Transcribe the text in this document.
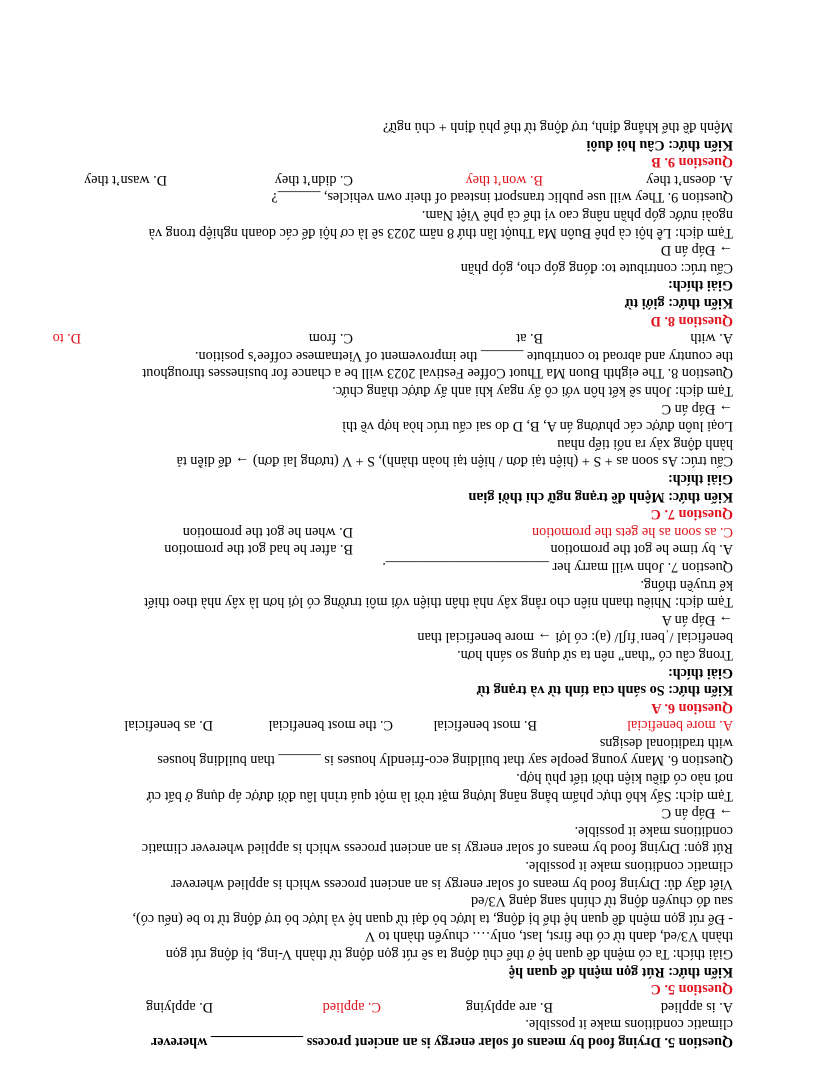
Question 5. Drying food by means of solar energy is an ancient process _____________ wherever
climatic conditions make it possible.
A. is applied
B. are applying
C. applied
D. applying
Question 5. C
Kiến thức: Rút gọn mệnh đề quan hệ
Giải thích: Ta có mệnh đề quan hệ ở thể chủ động ta sẽ rút gọn động từ thành V-ing, bị động rút gọn
thành V3/ed, danh từ có the first, last, only…. chuyển thành to V
- Để rút gọn mệnh đề quan hệ thể bị động, ta lược bỏ đại từ quan hệ và lược bỏ trợ động từ to be (nếu có),
sau đó chuyển động từ chính sang dạng V3/ed
Viết đầy đủ: Drying food by means of solar energy is an ancient process which is applied wherever
climatic conditions make it possible.
Rút gọn: Drying food by means of solar energy is an ancient process which is applied wherever climatic
conditions make it possible.
→ Đáp án C
Tạm dịch: Sấy khô thực phẩm bằng năng lượng mặt trời là một quá trình lâu đời được áp dụng ở bất cứ
nơi nào có điều kiện thời tiết phù hợp.
Question 6. Many young people say that building eco-friendly houses is ______ than building houses
with traditional designs
A. more beneficial
B. most beneficial
C. the most beneficial
D. as beneficial
Question 6. A
Kiến thức: So sánh của tính từ và trạng từ
Giải thích:
Trong câu có “than” nên ta sử dụng so sánh hơn.
beneficial /ˌbenɪˈfɪʃl/ (a): có lợi → more beneficial than
→ Đáp án A
Tạm dịch: Nhiều thanh niên cho rằng xây nhà thân thiện với môi trường có lợi hơn là xây nhà theo thiết
kế truyền thống.
Question 7. John will marry her _______________________.
A. by time he got the promotion
B. after he had got the promotion
C. as soon as he gets the promotion
D. when he got the promotion
Question 7. C
Kiến thức: Mệnh đề trạng ngữ chỉ thời gian
Giải thích:
Cấu trúc: As soon as + S + (hiện tại đơn / hiện tại hoàn thành), S + V (tương lai đơn) → để diễn tả
hành động xảy ra nối tiếp nhau
Loại luôn được các phương án A, B, D do sai cấu trúc hòa hợp về thì
→ Đáp án C
Tạm dịch: John sẽ kết hôn với cô ấy ngay khi anh ấy được thăng chức.
Question 8. The eighth Buon Ma Thuot Coffee Festival 2023 will be a chance for businesses throughout
the country and abroad to contribute ______ the improvement of Vietnamese coffee’s position.
A. with
B. at
C. from
D. to
Question 8. D
Kiến thức: giới từ
Giải thích:
Cấu trúc: contribute to: đóng góp cho, góp phần
→ Đáp án D
Tạm dịch: Lễ hội cà phê Buôn Ma Thuột lần thứ 8 năm 2023 sẽ là cơ hội để các doanh nghiệp trong và
ngoài nước góp phần nâng cao vị thế cà phê Việt Nam.
Question 9. They will use public transport instead of their own vehicles, ______?
A. doesn’t they
B. won’t they
C. didn’t they
D. wasn’t they
Question 9. B
Kiến thức: Câu hỏi đuôi
Mệnh đề thể khẳng định, trợ động từ thể phủ định + chủ ngữ?
